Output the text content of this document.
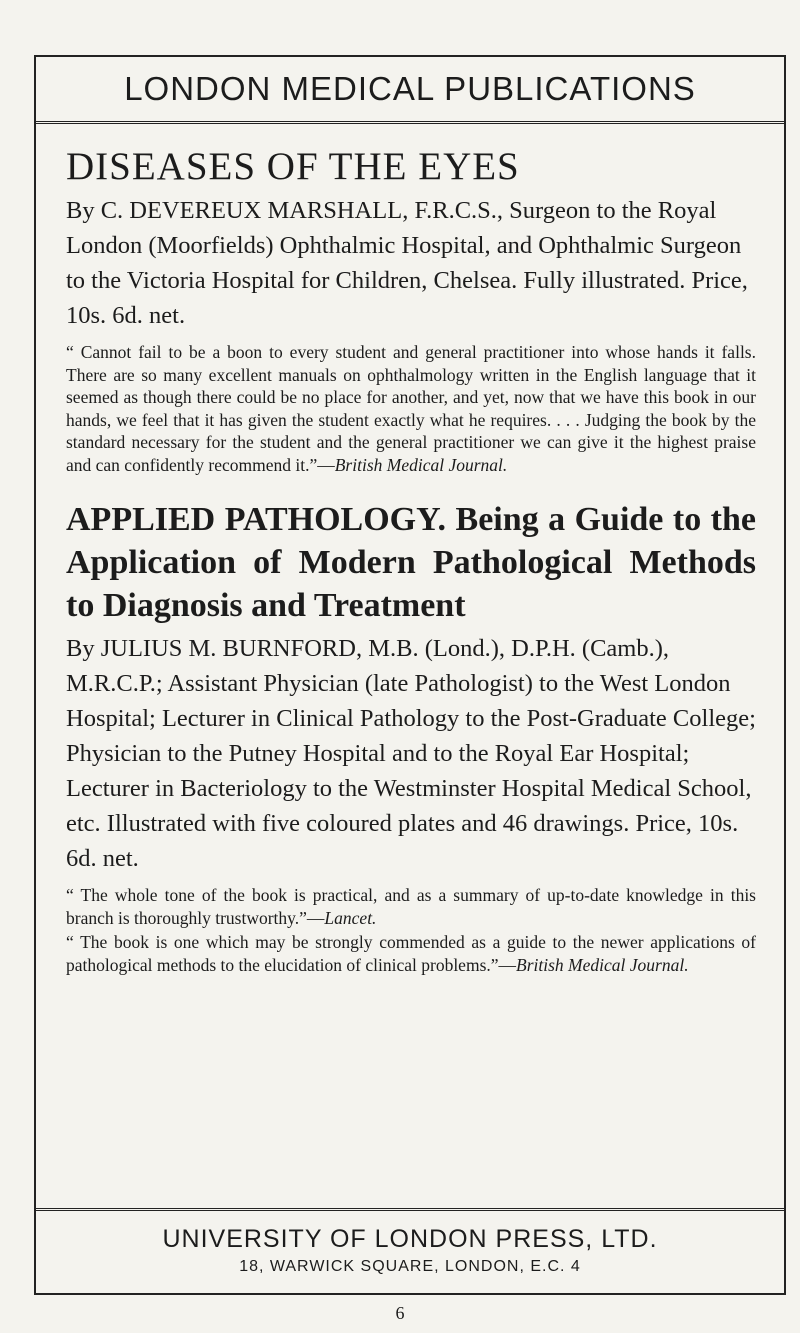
LONDON MEDICAL PUBLICATIONS
DISEASES OF THE EYES

By C. DEVEREUX MARSHALL, F.R.C.S., Surgeon to the Royal London (Moorfields) Ophthalmic Hospital, and Ophthalmic Surgeon to the Victoria Hospital for Children, Chelsea. Fully illustrated. Price, 10s. 6d. net.

“ Cannot fail to be a boon to every student and general practitioner into whose hands it falls. There are so many excellent manuals on ophthalmology written in the English language that it seemed as though there could be no place for another, and yet, now that we have this book in our hands, we feel that it has given the student exactly what he requires. . . . Judging the book by the standard necessary for the student and the general practitioner we can give it the highest praise and can confidently recommend it.”—British Medical Journal.

APPLIED PATHOLOGY. Being a Guide to the Application of Modern Pathological Methods to Diagnosis and Treatment

By JULIUS M. BURNFORD, M.B. (Lond.), D.P.H. (Camb.), M.R.C.P.; Assistant Physician (late Pathologist) to the West London Hospital; Lecturer in Clinical Pathology to the Post-Graduate College; Physician to the Putney Hospital and to the Royal Ear Hospital; Lecturer in Bacteriology to the Westminster Hospital Medical School, etc. Illustrated with five coloured plates and 46 drawings. Price, 10s. 6d. net.

“ The whole tone of the book is practical, and as a summary of up-to-date knowledge in this branch is thoroughly trustworthy.”—Lancet.

“ The book is one which may be strongly commended as a guide to the newer applications of pathological methods to the elucidation of clinical problems.”—British Medical Journal.

UNIVERSITY OF LONDON PRESS, LTD.
18, WARWICK SQUARE, LONDON, E.C. 4
6
